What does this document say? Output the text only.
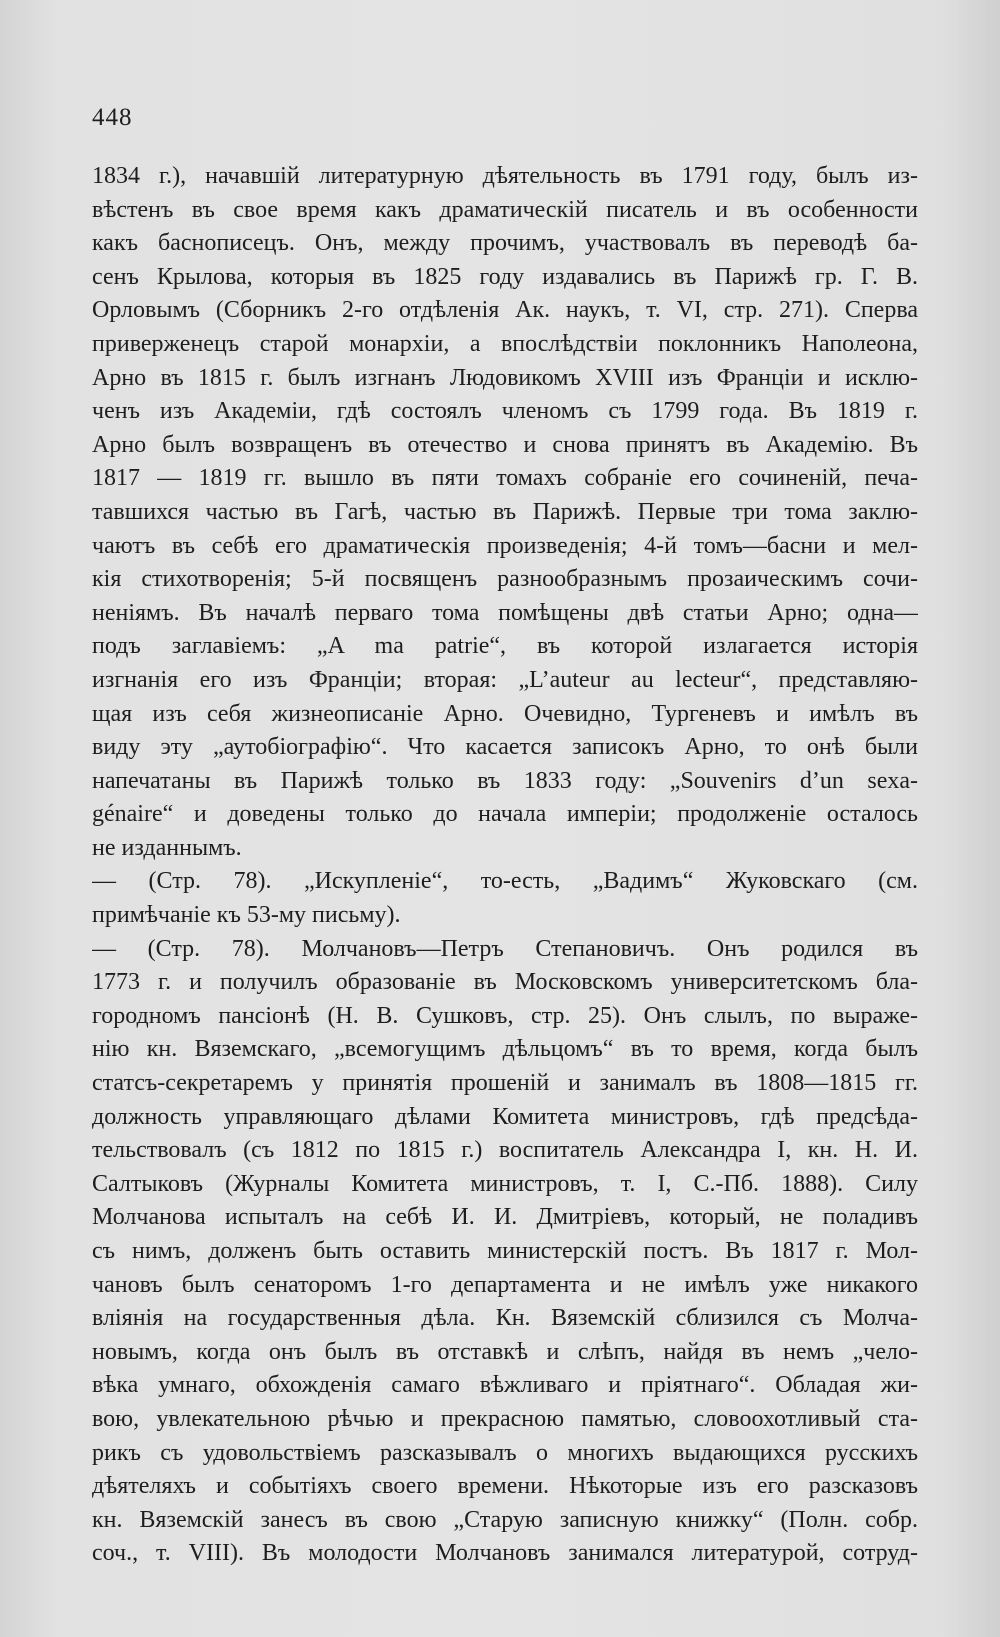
448
1834 г.), начавшій литературную дѣятельность въ 1791 году, былъ из-
вѣстенъ въ свое время какъ драматическій писатель и въ особенности
какъ баснописецъ. Онъ, между прочимъ, участвовалъ въ переводѣ ба-
сенъ Крылова, которыя въ 1825 году издавались въ Парижѣ гр. Г. В.
Орловымъ (Сборникъ 2-го отдѣленія Ак. наукъ, т. VI, стр. 271). Сперва
приверженецъ старой монархіи, а впослѣдствіи поклонникъ Наполеона,
Арно въ 1815 г. былъ изгнанъ Людовикомъ XVIII изъ Франціи и исклю-
ченъ изъ Академіи, гдѣ состоялъ членомъ съ 1799 года. Въ 1819 г.
Арно былъ возвращенъ въ отечество и снова принятъ въ Академію. Въ
1817 — 1819 гг. вышло въ пяти томахъ собраніе его сочиненій, печа-
тавшихся частью въ Гагѣ, частью въ Парижѣ. Первые три тома заклю-
чаютъ въ себѣ его драматическія произведенія; 4-й томъ—басни и мел-
кія стихотворенія; 5-й посвященъ разнообразнымъ прозаическимъ сочи-
неніямъ. Въ началѣ перваго тома помѣщены двѣ статьи Арно; одна—
подъ заглавіемъ: „A ma patrie“, въ которой излагается исторія
изгнанія его изъ Франціи; вторая: „L’auteur au lecteur“, представляю-
щая изъ себя жизнеописаніе Арно. Очевидно, Тургеневъ и имѣлъ въ
виду эту „аутобіографію“. Что касается записокъ Арно, то онѣ были
напечатаны въ Парижѣ только въ 1833 году: „Souvenirs d’un sexa-
génaire“ и доведены только до начала имперіи; продолженіе осталось
не изданнымъ.
— (Стр. 78). „Искупленіе“, то-есть, „Вадимъ“ Жуковскаго (см.
примѣчаніе къ 53-му письму).
— (Стр. 78). Молчановъ—Петръ Степановичъ. Онъ родился въ
1773 г. и получилъ образованіе въ Московскомъ университетскомъ бла-
городномъ пансіонѣ (Н. В. Сушковъ, стр. 25). Онъ слылъ, по выраже-
нію кн. Вяземскаго, „всемогущимъ дѣльцомъ“ въ то время, когда былъ
статсъ-секретаремъ у принятія прошеній и занималъ въ 1808—1815 гг.
должность управляющаго дѣлами Комитета министровъ, гдѣ предсѣда-
тельствовалъ (съ 1812 по 1815 г.) воспитатель Александра I, кн. Н. И.
Салтыковъ (Журналы Комитета министровъ, т. I, С.-Пб. 1888). Силу
Молчанова испыталъ на себѣ И. И. Дмитріевъ, который, не поладивъ
съ нимъ, долженъ быть оставить министерскій постъ. Въ 1817 г. Мол-
чановъ былъ сенаторомъ 1-го департамента и не имѣлъ уже никакого
вліянія на государственныя дѣла. Кн. Вяземскій сблизился съ Молча-
новымъ, когда онъ былъ въ отставкѣ и слѣпъ, найдя въ немъ „чело-
вѣка умнаго, обхожденія самаго вѣжливаго и пріятнаго“. Обладая жи-
вою, увлекательною рѣчью и прекрасною памятью, словоохотливый ста-
рикъ съ удовольствіемъ разсказывалъ о многихъ выдающихся русскихъ
дѣятеляхъ и событіяхъ своего времени. Нѣкоторые изъ его разсказовъ
кн. Вяземскій занесъ въ свою „Старую записную книжку“ (Полн. собр.
соч., т. VIII). Въ молодости Молчановъ занимался литературой, сотруд-
